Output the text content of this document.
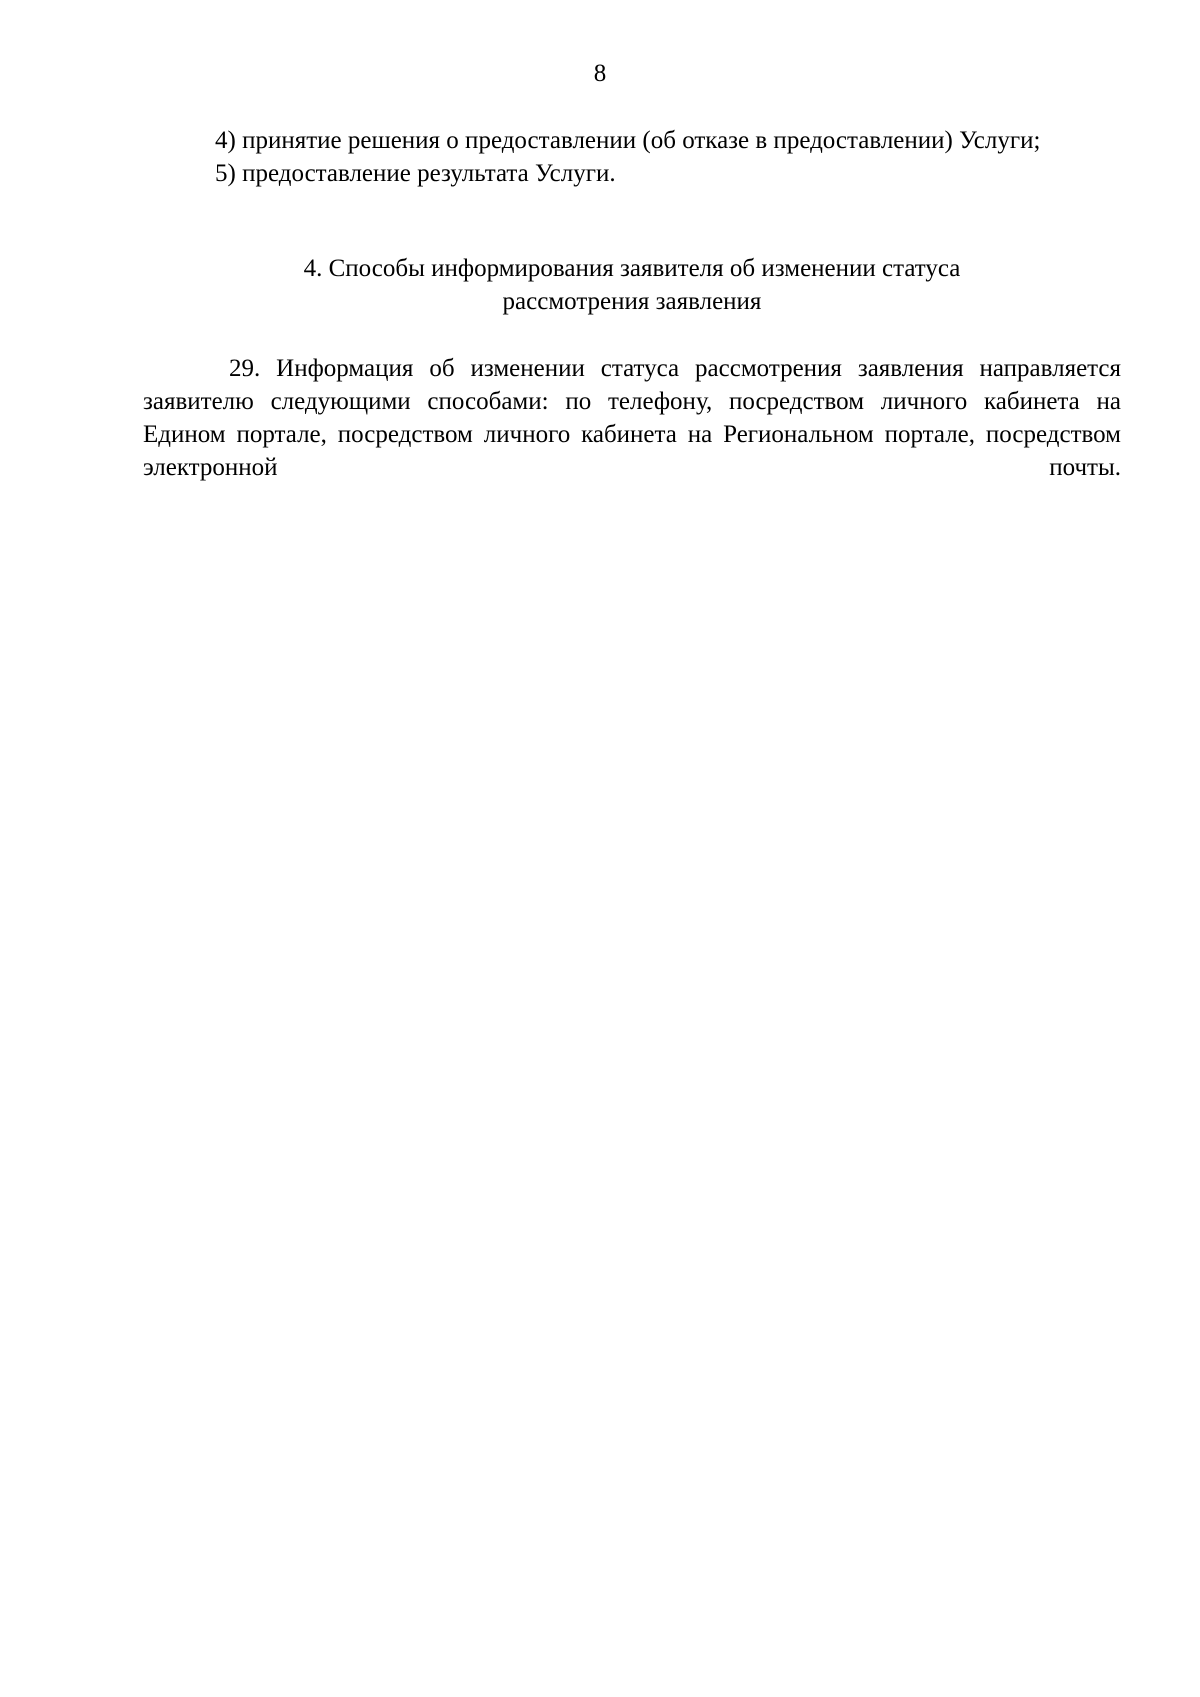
8

4) принятие решения о предоставлении (об отказе в предоставлении) Услуги;

5) предоставление результата Услуги.

4. Способы информирования заявителя об изменении статуса
рассмотрения заявления

29. Информация об изменении статуса рассмотрения заявления направляется заявителю следующими способами: по телефону, посредством личного кабинета на Едином портале, посредством личного кабинета на Региональном портале, посредством электронной почты.
